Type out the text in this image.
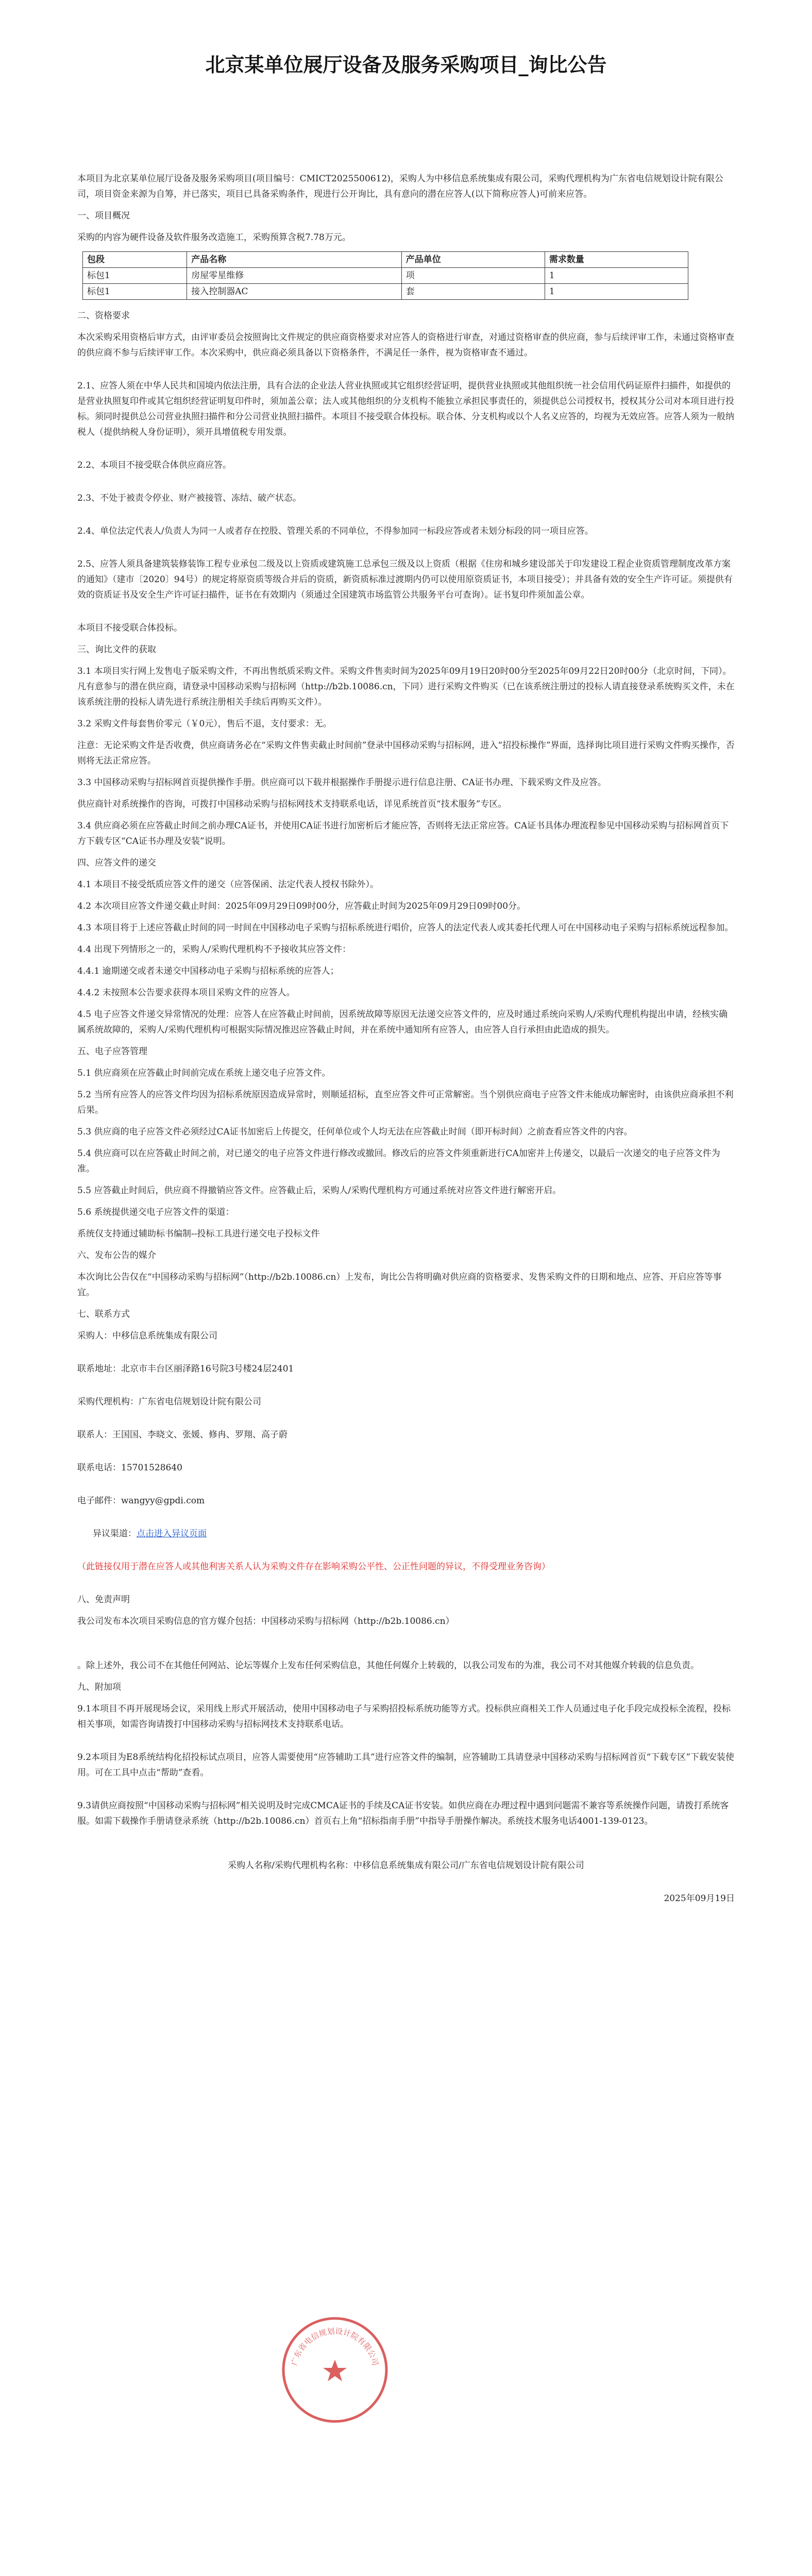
北京某单位展厅设备及服务采购项目_询比公告

本项目为北京某单位展厅设备及服务采购项目(项目编号：CMICT2025500612)，采购人为中移信息系统集成有限公司，采购代理机构为广东省电信规划设计院有限公司，项目资金来源为自筹，并已落实，项目已具备采购条件，现进行公开询比，具有意向的潜在应答人(以下简称应答人)可前来应答。

一、项目概况

采购的内容为硬件设备及软件服务改造施工，采购预算含税7.78万元。

包段	产品名称	产品单位	需求数量
标包1	房屋零星维修	项	1
标包1	接入控制器AC	套	1

二、资格要求

本次采购采用资格后审方式，由评审委员会按照询比文件规定的供应商资格要求对应答人的资格进行审查，对通过资格审查的供应商，参与后续评审工作，未通过资格审查的供应商不参与后续评审工作。本次采购中，供应商必须具备以下资格条件，不满足任一条件，视为资格审查不通过。

2.1、应答人须在中华人民共和国境内依法注册，具有合法的企业法人营业执照或其它组织经营证明，提供营业执照或其他组织统一社会信用代码证原件扫描件，如提供的是营业执照复印件或其它组织经营证明复印件时，须加盖公章；法人或其他组织的分支机构不能独立承担民事责任的，须提供总公司授权书，授权其分公司对本项目进行投标。须同时提供总公司营业执照扫描件和分公司营业执照扫描件。本项目不接受联合体投标。联合体、分支机构或以个人名义应答的，均视为无效应答。应答人须为一般纳税人（提供纳税人身份证明），须开具增值税专用发票。

2.2、本项目不接受联合体供应商应答。

2.3、不处于被责令停业、财产被接管、冻结、破产状态。

2.4、单位法定代表人/负责人为同一人或者存在控股、管理关系的不同单位，不得参加同一标段应答或者未划分标段的同一项目应答。

2.5、应答人须具备建筑装修装饰工程专业承包二级及以上资质或建筑施工总承包三级及以上资质（根据《住房和城乡建设部关于印发建设工程企业资质管理制度改革方案的通知》（建市〔2020〕94号）的规定将原资质等级合并后的资质，新资质标准过渡期内仍可以使用原资质证书，本项目接受）；并具备有效的安全生产许可证。须提供有效的资质证书及安全生产许可证扫描件，证书在有效期内（须通过全国建筑市场监管公共服务平台可查询）。证书复印件须加盖公章。

本项目不接受联合体投标。

三、询比文件的获取

3.1 本项目实行网上发售电子版采购文件，不再出售纸质采购文件。采购文件售卖时间为2025年09月19日20时00分至2025年09月22日20时00分（北京时间，下同）。凡有意参与的潜在供应商，请登录中国移动采购与招标网（http://b2b.10086.cn，下同）进行采购文件购买（已在该系统注册过的投标人请直接登录系统购买文件，未在该系统注册的投标人请先进行系统注册相关手续后再购买文件）。

3.2 采购文件每套售价零元（￥0元），售后不退，支付要求：无。

注意：无论采购文件是否收费，供应商请务必在“采购文件售卖截止时间前”登录中国移动采购与招标网，进入“招投标操作”界面，选择询比项目进行采购文件购买操作，否则将无法正常应答。

3.3 中国移动采购与招标网首页提供操作手册。供应商可以下载并根据操作手册提示进行信息注册、CA证书办理、下载采购文件及应答。

供应商针对系统操作的咨询，可拨打中国移动采购与招标网技术支持联系电话，详见系统首页“技术服务”专区。

3.4 供应商必须在应答截止时间之前办理CA证书，并使用CA证书进行加密析后才能应答，否则将无法正常应答。CA证书具体办理流程参见中国移动采购与招标网首页下方下载专区“CA证书办理及安装”说明。

四、应答文件的递交

4.1 本项目不接受纸质应答文件的递交（应答保函、法定代表人授权书除外）。

4.2 本次项目应答文件递交截止时间：2025年09月29日09时00分，应答截止时间为2025年09月29日09时00分。

4.3 本项目将于上述应答截止时间的同一时间在中国移动电子采购与招标系统进行唱价，应答人的法定代表人或其委托代理人可在中国移动电子采购与招标系统远程参加。

4.4 出现下列情形之一的，采购人/采购代理机构不予接收其应答文件：

4.4.1 逾期递交或者未递交中国移动电子采购与招标系统的应答人；

4.4.2 未按照本公告要求获得本项目采购文件的应答人。

4.5 电子应答文件递交异常情况的处理：应答人在应答截止时间前，因系统故障等原因无法递交应答文件的，应及时通过系统向采购人/采购代理机构提出申请，经核实确属系统故障的，采购人/采购代理机构可根据实际情况推迟应答截止时间，并在系统中通知所有应答人，由应答人自行承担由此造成的损失。

五、电子应答管理

5.1 供应商须在应答截止时间前完成在系统上递交电子应答文件。

5.2 当所有应答人的应答文件均因为招标系统原因造成异常时，则顺延招标，直至应答文件可正常解密。当个别供应商电子应答文件未能成功解密时，由该供应商承担不利后果。

5.3 供应商的电子应答文件必须经过CA证书加密后上传提交，任何单位或个人均无法在应答截止时间（即开标时间）之前查看应答文件的内容。

5.4 供应商可以在应答截止时间之前，对已递交的电子应答文件进行修改或撤回。修改后的应答文件须重新进行CA加密并上传递交，以最后一次递交的电子应答文件为准。

5.5 应答截止时间后，供应商不得撤销应答文件。应答截止后，采购人/采购代理机构方可通过系统对应答文件进行解密开启。

5.6 系统提供递交电子应答文件的渠道：

系统仅支持通过辅助标书编制--投标工具进行递交电子投标文件

六、发布公告的媒介

本次询比公告仅在“中国移动采购与招标网”（http://b2b.10086.cn）上发布，询比公告将明确对供应商的资格要求、发售采购文件的日期和地点、应答、开启应答等事宜。

七、联系方式

采购人：中移信息系统集成有限公司

联系地址：北京市丰台区丽泽路16号院3号楼24层2401

采购代理机构：广东省电信规划设计院有限公司

联系人：王国国、李晓文、张媛、修冉、罗翔、高子蔚

联系电话：15701528640

电子邮件：wangyy@gpdi.com

异议渠道：点击进入异议页面

（此链接仅用于潜在应答人或其他利害关系人认为采购文件存在影响采购公平性、公正性问题的异议，不得受理业务咨询）

八、免责声明

我公司发布本次项目采购信息的官方媒介包括：中国移动采购与招标网（http://b2b.10086.cn）

。除上述外，我公司不在其他任何网站、论坛等媒介上发布任何采购信息，其他任何媒介上转载的，以我公司发布的为准，我公司不对其他媒介转载的信息负责。

九、附加项

9.1本项目不再开展现场会议，采用线上形式开展活动，使用中国移动电子与采购招投标系统功能等方式。投标供应商相关工作人员通过电子化手段完成投标全流程，投标相关事项，如需咨询请拨打中国移动采购与招标网技术支持联系电话。

9.2本项目为E8系统结构化招投标试点项目，应答人需要使用“应答辅助工具”进行应答文件的编制，应答辅助工具请登录中国移动采购与招标网首页“下载专区”下载安装使用。可在工具中点击“帮助”查看。

9.3请供应商按照“中国移动采购与招标网”相关说明及时完成CMCA证书的手续及CA证书安装。如供应商在办理过程中遇到问题需不兼容等系统操作问题，请拨打系统客服。如需下载操作手册请登录系统（http://b2b.10086.cn）首页右上角“招标指南手册”中指导手册操作解决。系统技术服务电话4001-139-0123。

采购人名称/采购代理机构名称：中移信息系统集成有限公司/广东省电信规划设计院有限公司

2025年09月19日

广东省电信规划设计院有限公司
